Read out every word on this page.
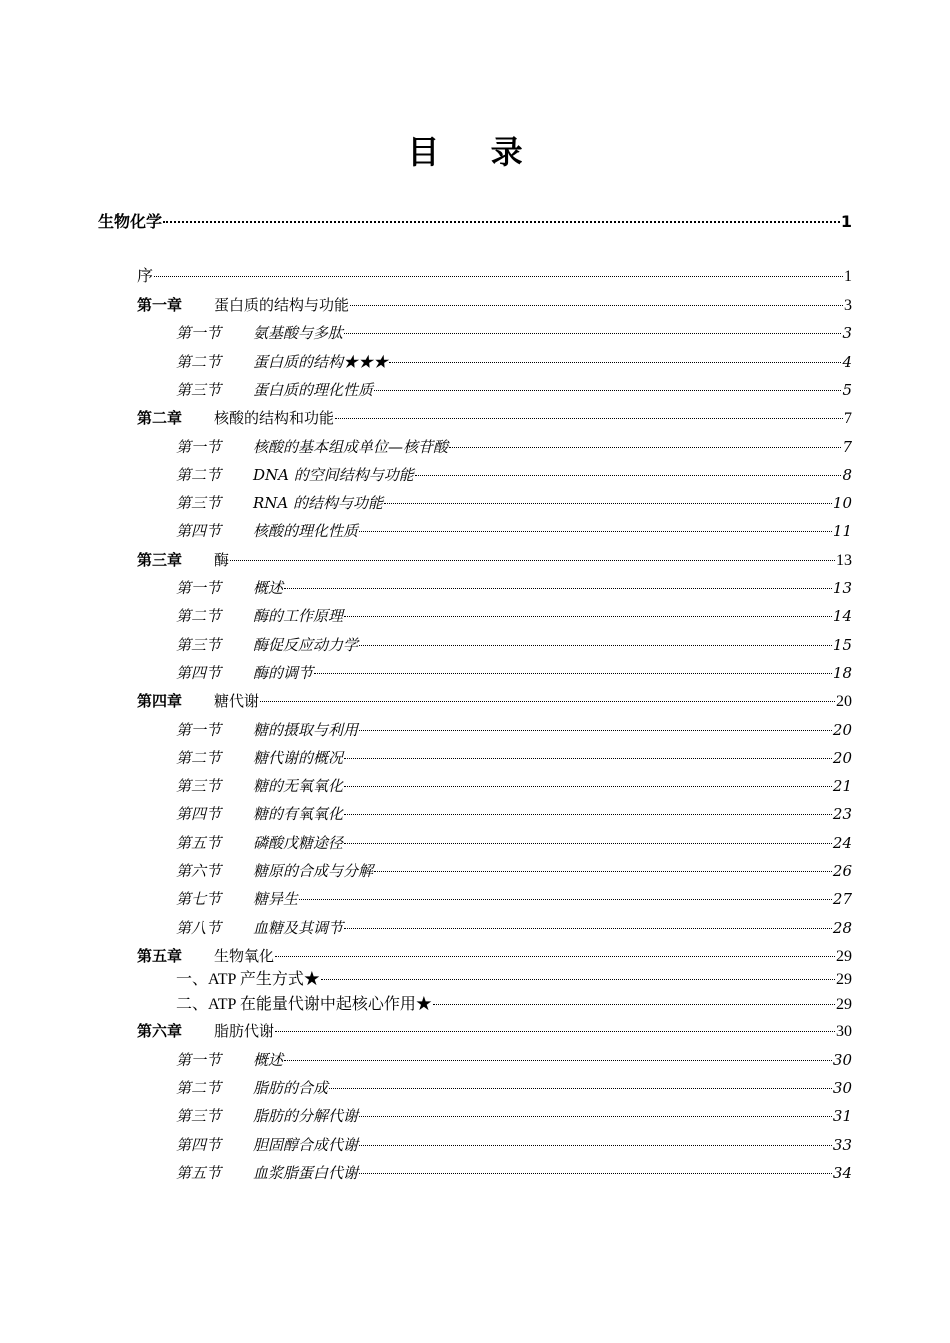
目 录
生物化学	1
序	1
第一章 蛋白质的结构与功能	3
第一节 氨基酸与多肽	3
第二节 蛋白质的结构★★★	4
第三节 蛋白质的理化性质	5
第二章 核酸的结构和功能	7
第一节 核酸的基本组成单位—核苷酸	7
第二节 DNA 的空间结构与功能	8
第三节 RNA 的结构与功能	10
第四节 核酸的理化性质	11
第三章 酶	13
第一节 概述	13
第二节 酶的工作原理	14
第三节 酶促反应动力学	15
第四节 酶的调节	18
第四章 糖代谢	20
第一节 糖的摄取与利用	20
第二节 糖代谢的概况	20
第三节 糖的无氧氧化	21
第四节 糖的有氧氧化	23
第五节 磷酸戊糖途径	24
第六节 糖原的合成与分解	26
第七节 糖异生	27
第八节 血糖及其调节	28
第五章 生物氧化	29
一、ATP 产生方式★	29
二、ATP 在能量代谢中起核心作用★	29
第六章 脂肪代谢	30
第一节 概述	30
第二节 脂肪的合成	30
第三节 脂肪的分解代谢	31
第四节 胆固醇合成代谢	33
第五节 血浆脂蛋白代谢	34
